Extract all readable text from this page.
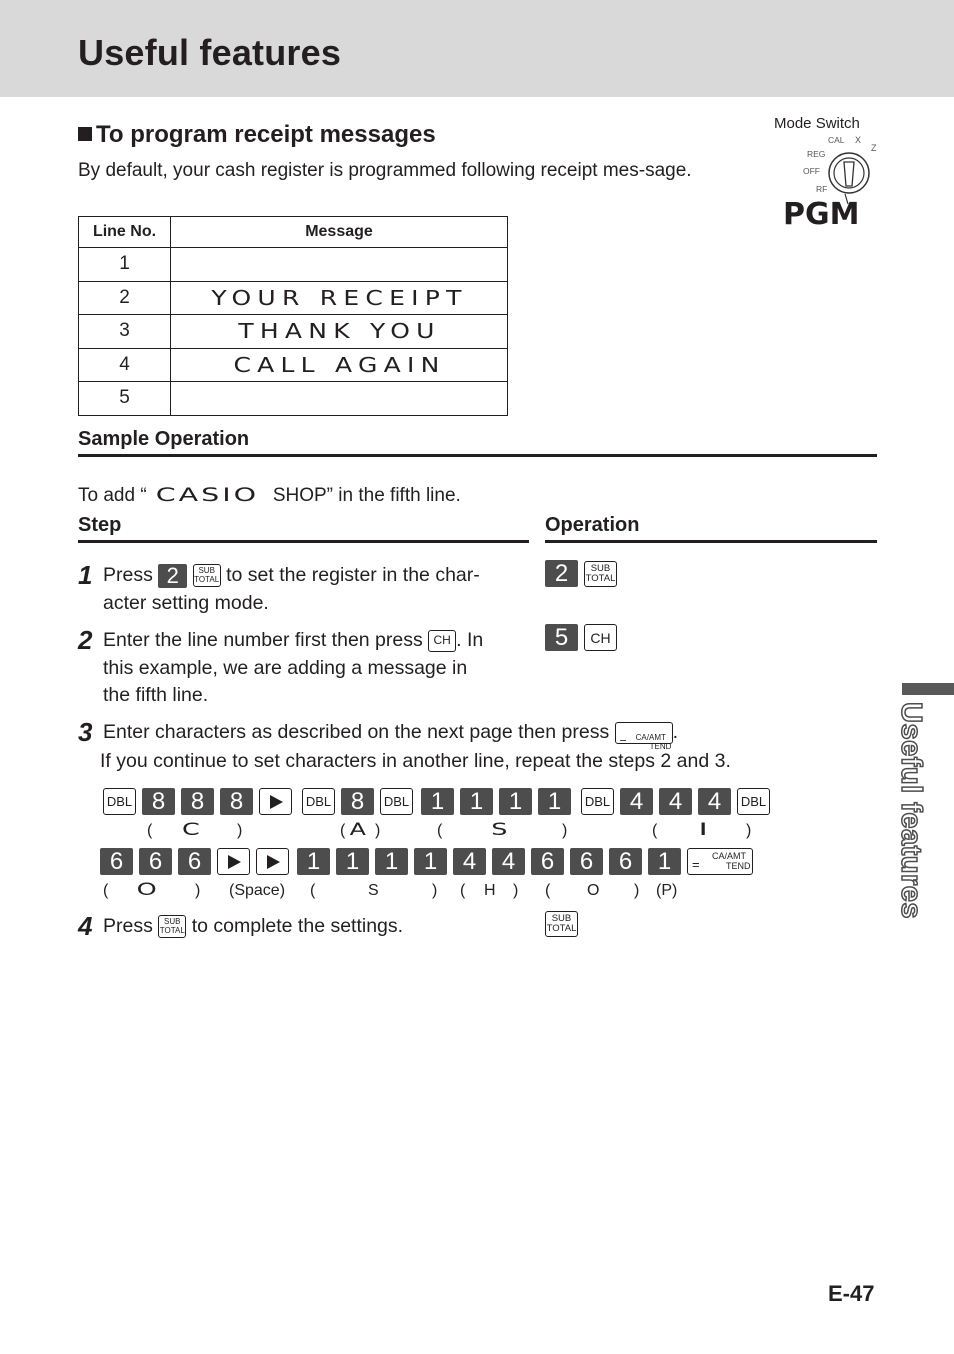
Useful features
Useful features
Mode Switch
CAL X
Z
REG
OFF
RF
PGM
To program receipt messages
By default, your cash register is programmed following receipt mes-sage.
Line No.	Message
1	
2	YOUR RECEIPT
3	THANK YOU
4	CALL AGAIN
5	
Sample Operation
To add “ CASIO SHOP” in the fifth line.
Step	Operation
1 Press 2 SUB
TOTAL to set the register in the char-
acter setting mode.
2	SUB
TOTAL
2 Enter the line number first then press CH . In
this example, we are adding a message in
the fifth line.
5	CH
3 Enter characters as described on the next page then press = CA/AMT
TEND
.
If you continue to set characters in another line, repeat the steps 2 and 3.
DBL 8	8	8	DBL 8	DBL 1	1	1	1	DBL 4	4	4	DBL
( C )	( A )	(	S	)	(	I )
6	6	6	1	1	1	1	4	4	6	6	6	1	=
CA/AMT
TEND
( O ) (Space) (	S	) ( H ) ( O ) (P)
4 Press SUB
TOTAL to complete the settings.	SUB
TOTAL
E-47
